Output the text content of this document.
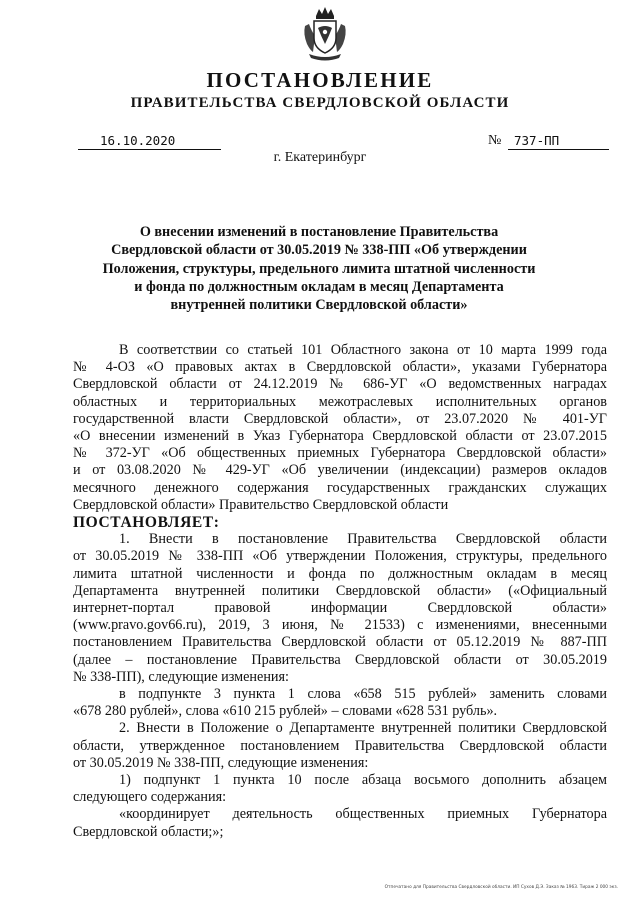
ПОСТАНОВЛЕНИЕ
ПРАВИТЕЛЬСТВА СВЕРДЛОВСКОЙ ОБЛАСТИ
16.10.2020	№ 737-ПП
г. Екатеринбург
О внесении изменений в постановление Правительства
Свердловской области от 30.05.2019 № 338-ПП «Об утверждении
Положения, структуры, предельного лимита штатной численности
и фонда по должностным окладам в месяц Департамента
внутренней политики Свердловской области»
В соответствии со статьей 101 Областного закона от 10 марта 1999 года
№ 4-ОЗ «О правовых актах в Свердловской области», указами Губернатора
Свердловской области от 24.12.2019 № 686-УГ «О ведомственных наградах
областных и территориальных межотраслевых исполнительных органов
государственной власти Свердловской области», от 23.07.2020 № 401-УГ
«О внесении изменений в Указ Губернатора Свердловской области от 23.07.2015
№ 372-УГ «Об общественных приемных Губернатора Свердловской области»
и от 03.08.2020 № 429-УГ «Об увеличении (индексации) размеров окладов
месячного денежного содержания государственных гражданских служащих
Свердловской области» Правительство Свердловской области
ПОСТАНОВЛЯЕТ:
1. Внести в постановление Правительства Свердловской области
от 30.05.2019 № 338-ПП «Об утверждении Положения, структуры, предельного
лимита штатной численности и фонда по должностным окладам в месяц
Департамента внутренней политики Свердловской области» («Официальный
интернет-портал правовой информации Свердловской области»
(www.pravo.gov66.ru), 2019, 3 июня, № 21533) с изменениями, внесенными
постановлением Правительства Свердловской области от 05.12.2019 № 887-ПП
(далее – постановление Правительства Свердловской области от 30.05.2019
№ 338-ПП), следующие изменения:
в подпункте 3 пункта 1 слова «658 515 рублей» заменить словами
«678 280 рублей», слова «610 215 рублей» – словами «628 531 рубль».
2. Внести в Положение о Департаменте внутренней политики Свердловской
области, утвержденное постановлением Правительства Свердловской области
от 30.05.2019 № 338-ПП, следующие изменения:
1) подпункт 1 пункта 10 после абзаца восьмого дополнить абзацем
следующего содержания:
«координирует деятельность общественных приемных Губернатора
Свердловской области;»;
Отпечатано для Правительства Свердловской области. ИП Сухов Д.Э. Заказ № 1963. Тираж 2 000 экз.
